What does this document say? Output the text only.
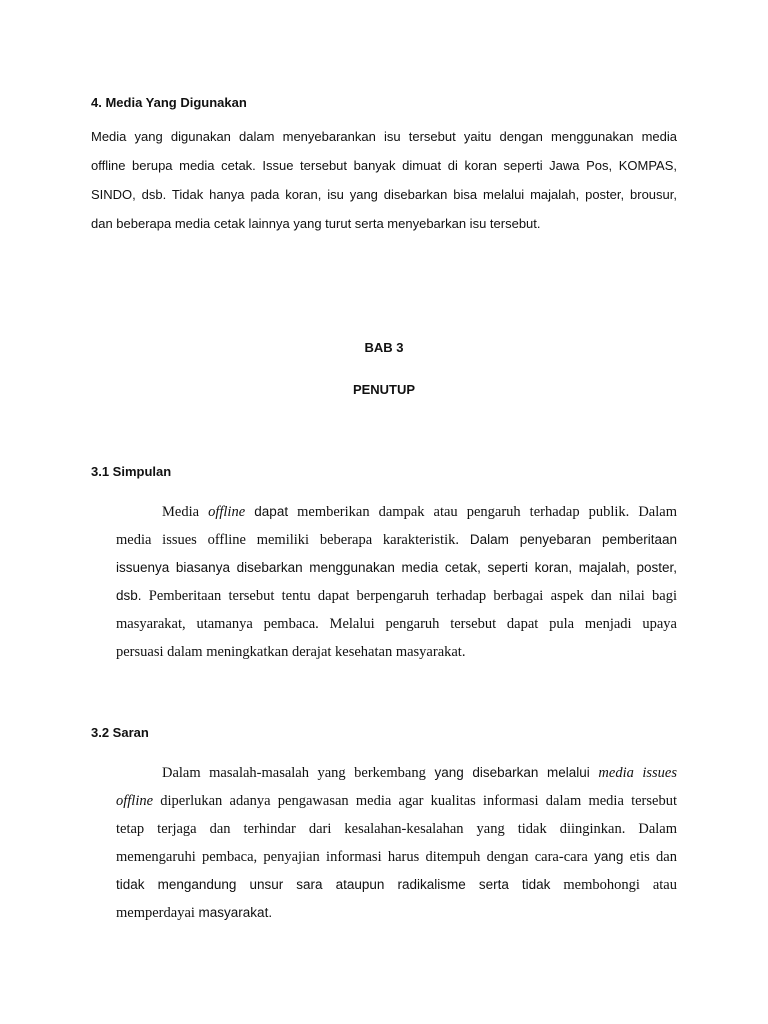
4. Media Yang Digunakan
Media yang digunakan dalam menyebarankan isu tersebut yaitu dengan menggunakan media
offline berupa media cetak. Issue tersebut banyak dimuat di koran seperti Jawa Pos, KOMPAS,
SINDO, dsb. Tidak hanya pada koran, isu yang disebarkan bisa melalui majalah, poster, brousur,
dan beberapa media cetak lainnya yang turut serta menyebarkan isu tersebut.
BAB 3
PENUTUP
3.1 Simpulan
Media offline dapat memberikan dampak atau pengaruh terhadap publik. Dalam
media issues offline memiliki beberapa karakteristik. Dalam penyebaran pemberitaan
issuenya biasanya disebarkan menggunakan media cetak, seperti koran, majalah, poster,
dsb. Pemberitaan tersebut tentu dapat berpengaruh terhadap berbagai aspek dan nilai bagi
masyarakat, utamanya pembaca. Melalui pengaruh tersebut dapat pula menjadi upaya
persuasi dalam meningkatkan derajat kesehatan masyarakat.
3.2 Saran
Dalam masalah-masalah yang berkembang yang disebarkan melalui media issues
offline diperlukan adanya pengawasan media agar kualitas informasi dalam media tersebut
tetap terjaga dan terhindar dari kesalahan-kesalahan yang tidak diinginkan. Dalam
memengaruhi pembaca, penyajian informasi harus ditempuh dengan cara-cara yang etis dan
tidak mengandung unsur sara ataupun radikalisme serta tidak membohongi atau
memperdayai masyarakat.
